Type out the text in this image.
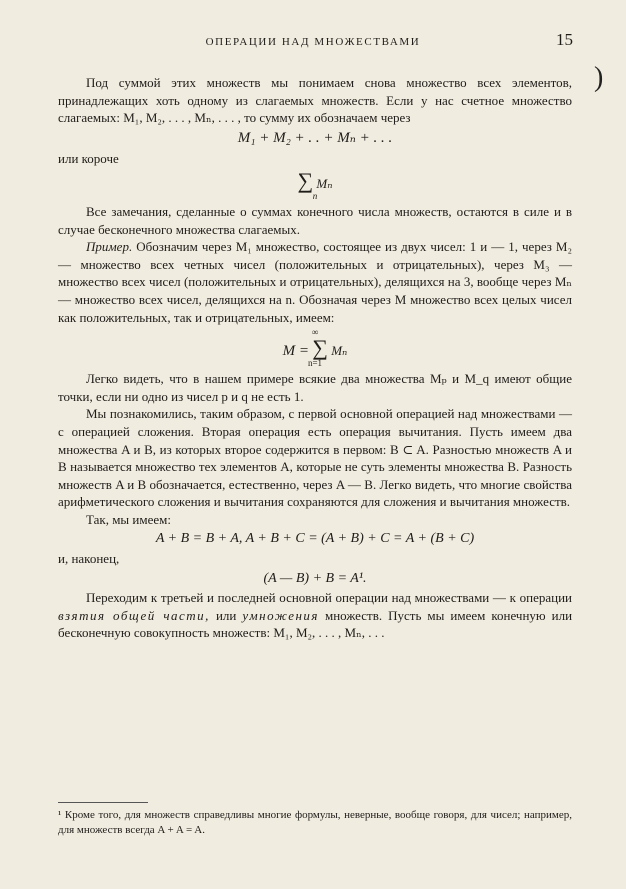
ОПЕРАЦИИ НАД МНОЖЕСТВАМИ	15
)

Под суммой этих множеств мы понимаем снова множество всех элементов, принадлежащих хоть одному из слагаемых множеств. Если у нас счетное множество слагаемых: M₁, M₂, . . . , Mₙ, . . . , то сумму их обозначаем через

M₁ + M₂ + . . + Mₙ + . . .

или короче

∑ Mₙ
n

Все замечания, сделанные о суммах конечного числа множеств, остаются в силе и в случае бесконечного множества слагаемых.

Пример. Обозначим через M₁ множество, состоящее из двух чисел: 1 и — 1, через M₂ — множество всех четных чисел (положительных и отрицательных), через M₃ — множество всех чисел (положительных и отрицательных), делящихся на 3, вообще через Mₙ — множество всех чисел, делящихся на n. Обозначая через M множество всех целых чисел как положительных, так и отрицательных, имеем:

∞
M = ∑ Mₙ
n=1

Легко видеть, что в нашем примере всякие два множества Mₚ и M_q имеют общие точки, если ни одно из чисел p и q не есть 1.

Мы познакомились, таким образом, с первой основной операцией над множествами — с операцией сложения. Вторая операция есть операция вычитания. Пусть имеем два множества A и B, из которых второе содержится в первом: B ⊂ A. Разностью множеств A и B называется множество тех элементов A, которые не суть элементы множества B. Разность множеств A и B обозначается, естественно, через A — B. Легко видеть, что многие свойства арифметического сложения и вычитания сохраняются для сложения и вычитания множеств.

Так, мы имеем:

A + B = B + A, A + B + C = (A + B) + C = A + (B + C)

и, наконец,

(A — B) + B = A¹.

Переходим к третьей и последней основной операции над множествами — к операции взятия общей части, или умножения множеств. Пусть мы имеем конечную или бесконечную совокупность множеств: M₁, M₂, . . . , Mₙ, . . .

¹ Кроме того, для множеств справедливы многие формулы, неверные, вообще говоря, для чисел; например, для множеств всегда A + A = A.
